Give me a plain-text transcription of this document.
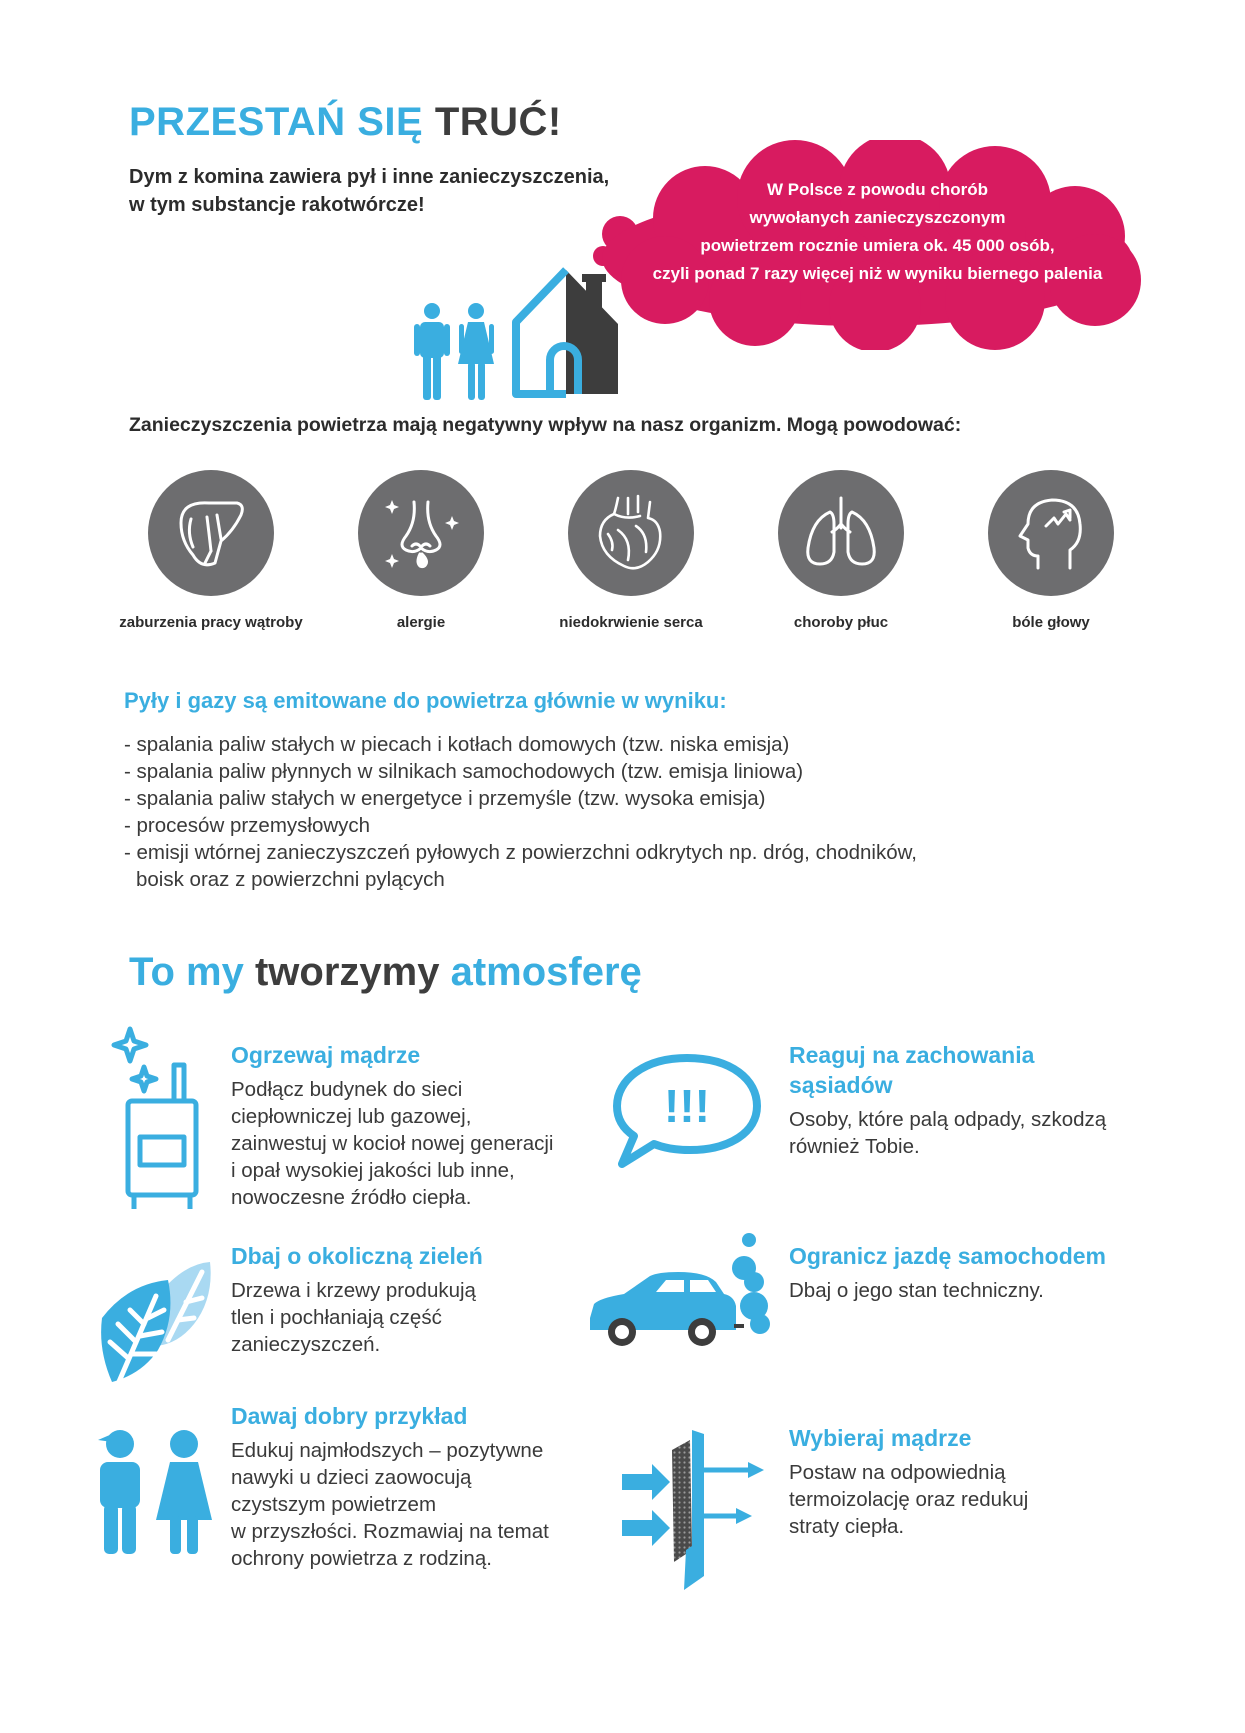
PRZESTAŃ SIĘ TRUĆ!
Dym z komina zawiera pył i inne zanieczyszczenia,
w tym substancje rakotwórcze!
W Polsce z powodu chorób
wywołanych zanieczyszczonym
powietrzem rocznie umiera ok. 45 000 osób,
czyli ponad 7 razy więcej niż w wyniku biernego palenia
Zanieczyszczenia powietrza mają negatywny wpływ na nasz organizm. Mogą powodować:
zaburzenia pracy wątroby	alergie	niedokrwienie serca	choroby płuc	bóle głowy
Pyły i gazy są emitowane do powietrza głównie w wyniku:
- spalania paliw stałych w piecach i kotłach domowych (tzw. niska emisja)
- spalania paliw płynnych w silnikach samochodowych (tzw. emisja liniowa)
- spalania paliw stałych w energetyce i przemyśle (tzw. wysoka emisja)
- procesów przemysłowych
- emisji wtórnej zanieczyszczeń pyłowych z powierzchni odkrytych np. dróg, chodników,
boisk oraz z powierzchni pylących
To my tworzymy atmosferę
Ogrzewaj mądrze

Podłącz budynek do sieci
ciepłowniczej lub gazowej,
zainwestuj w kocioł nowej generacji
i opał wysokiej jakości lub inne,
nowoczesne źródło ciepła.

!!!
Reaguj na zachowania
sąsiadów

Osoby, które palą odpady, szkodzą
również Tobie.

Dbaj o okoliczną zieleń

Drzewa i krzewy produkują
tlen i pochłaniają część
zanieczyszczeń.

Ogranicz jazdę samochodem

Dbaj o jego stan techniczny.

Dawaj dobry przykład

Edukuj najmłodszych – pozytywne
nawyki u dzieci zaowocują
czystszym powietrzem
w przyszłości. Rozmawiaj na temat
ochrony powietrza z rodziną.

Wybieraj mądrze

Postaw na odpowiednią
termoizolację oraz redukuj
straty ciepła.
